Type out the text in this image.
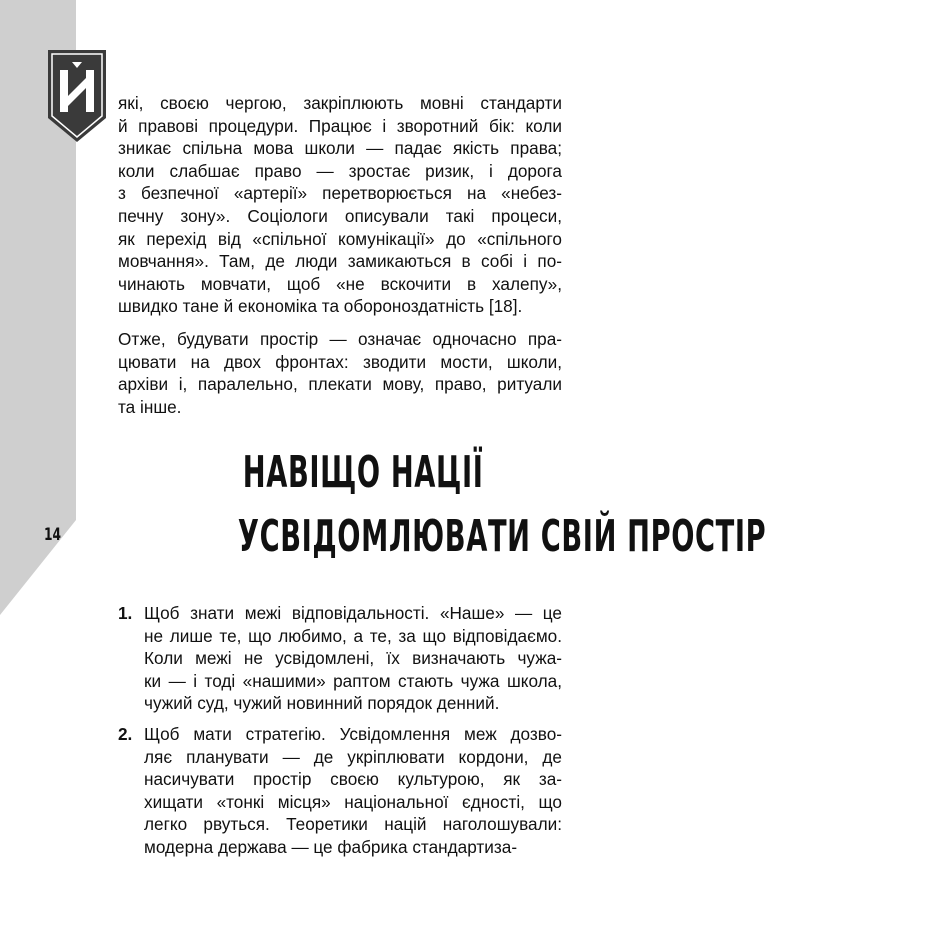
14

які, своєю чергою, закріплюють мовні стандарти
й правові процедури. Працює і зворотний бік: коли
зникає спільна мова школи — падає якість права;
коли слабшає право — зростає ризик, і дорога
з безпечної «артерії» перетворюється на «небез-
печну зону». Соціологи описували такі процеси,
як перехід від «спільної комунікації» до «спільного
мовчання». Там, де люди замикаються в собі і по-
чинають мовчати, щоб «не вскочити в халепу»,
швидко тане й економіка та обороноздатність [18].

Отже, будувати простір — означає одночасно пра-
цювати на двох фронтах: зводити мости, школи,
архіви і, паралельно, плекати мову, право, ритуали
та інше.

НАВІЩО НАЦІЇ
УСВІДОМЛЮВАТИ СВІЙ ПРОСТІР
1. Щоб знати межі відповідальності. «Наше» — це
не лише те, що любимо, а те, за що відповідаємо.
Коли межі не усвідомлені, їх визначають чужа-
ки — і тоді «нашими» раптом стають чужа школа,
чужий суд, чужий новинний порядок денний.
2. Щоб мати стратегію. Усвідомлення меж дозво-
ляє планувати — де укріплювати кордони, де
насичувати простір своєю культурою, як за-
хищати «тонкі місця» національної єдності, що
легко рвуться. Теоретики націй наголошували:
модерна держава — це фабрика стандартиза-
